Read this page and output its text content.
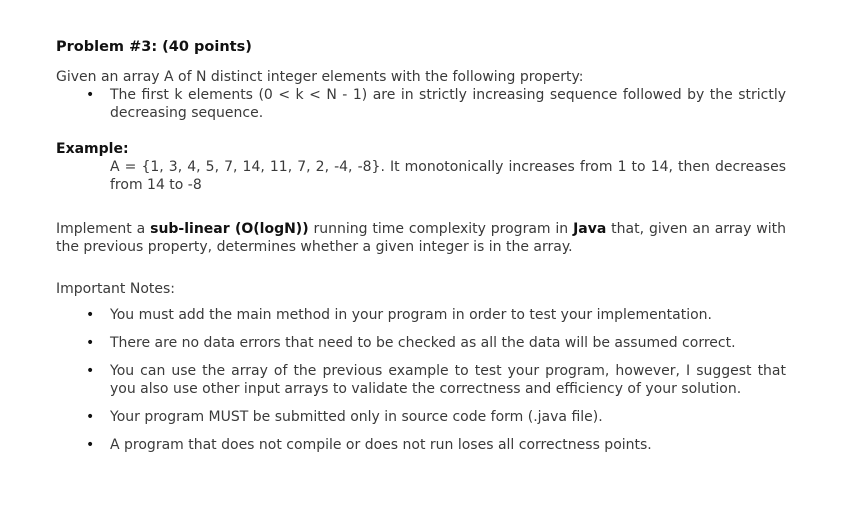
Problem #3: (40 points)

Given an array A of N distinct integer elements with the following property:

• The first k elements (0 < k < N - 1) are in strictly increasing sequence followed by the strictly decreasing sequence.

Example:

A = {1, 3, 4, 5, 7, 14, 11, 7, 2, -4, -8}. It monotonically increases from 1 to 14, then decreases from 14 to -8

Implement a sub-linear (O(logN)) running time complexity program in Java that, given an array with the previous property, determines whether a given integer is in the array.

Important Notes:

• You must add the main method in your program in order to test your implementation.
• There are no data errors that need to be checked as all the data will be assumed correct.
• You can use the array of the previous example to test your program, however, I suggest that you also use other input arrays to validate the correctness and efficiency of your solution.
• Your program MUST be submitted only in source code form (.java file).
• A program that does not compile or does not run loses all correctness points.
